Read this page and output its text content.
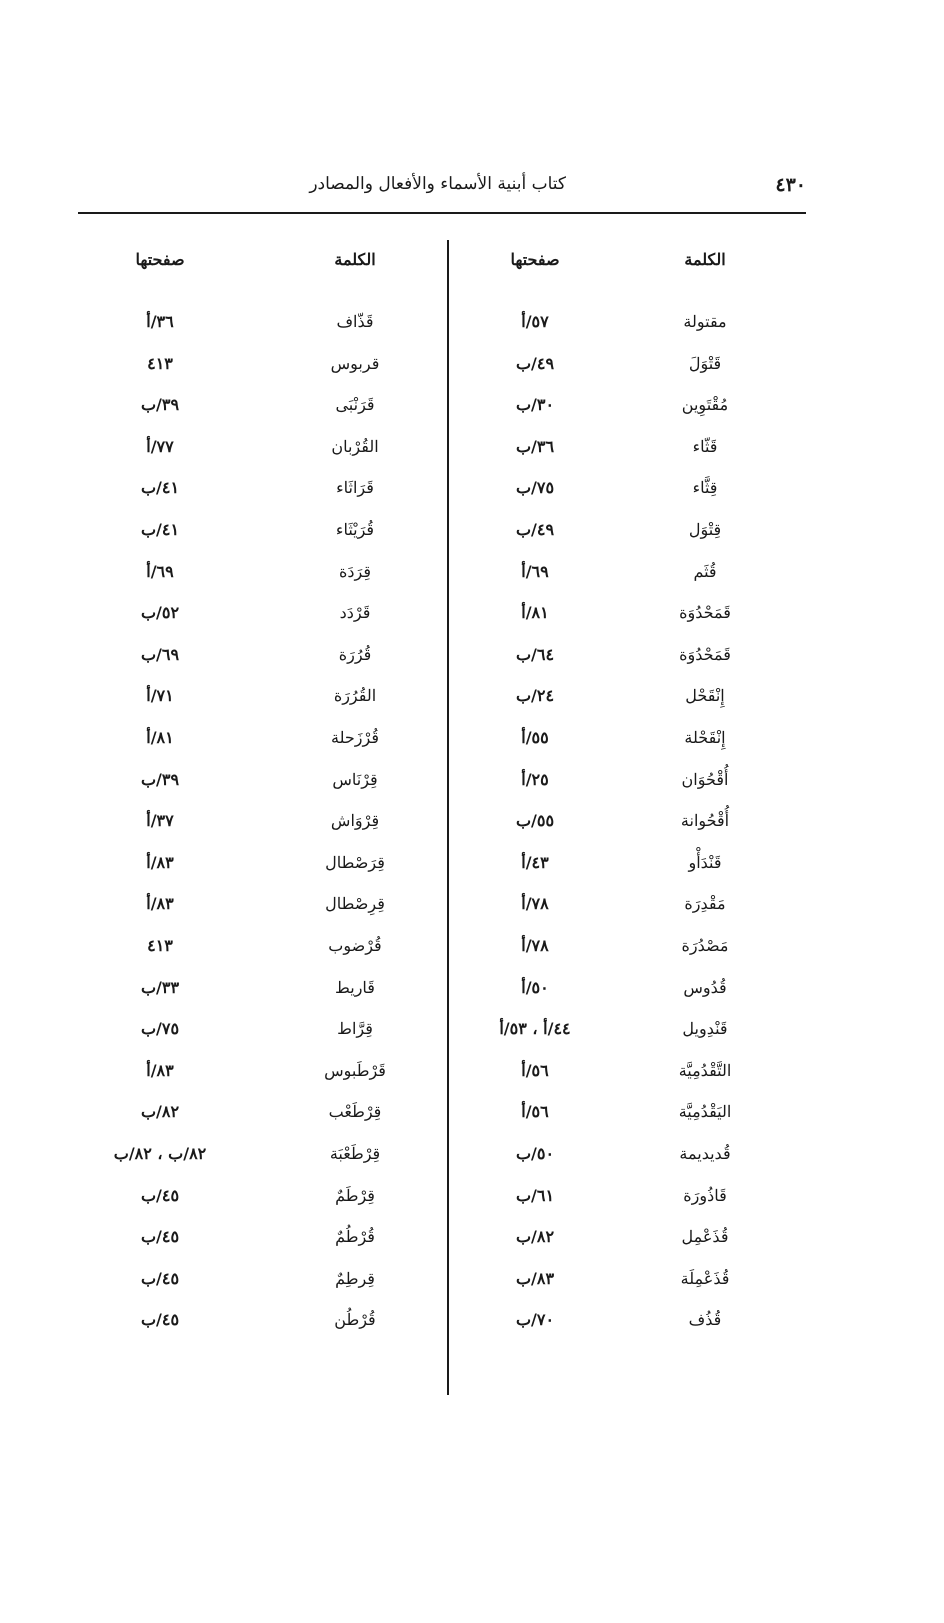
٤٣٠
كتاب أبنية الأسماء والأفعال والمصادر
الكلمة
مقتولة
قَتْوَلَ
مُقْتَوِين
قَثّاء
قِثَّاء
قِتْوَل
قُثَم
قَمَحْدُوَة
قَمَحْدُوَة
إِنْقَحْل
إِنْقَحْلة
أُقْحُوَان
أُقْحُوانة
قَنْدَأْو
مَقْدِرَة
مَصْدُرَة
قُدُوس
قَنْدِويل
التَّقْدُمِيَّة
اليَقْدُمِيَّة
قُديديمة
قَاذُورَة
قُذَعْمِل
قُذَعْمِلَة
قُذُف
صفحتها
٥٧/أ
٤٩/ب
٣٠/ب
٣٦/ب
٧٥/ب
٤٩/ب
٦٩/أ
٨١/أ
٦٤/ب
٢٤/ب
٥٥/أ
٢٥/أ
٥٥/ب
٤٣/أ
٧٨/أ
٧٨/أ
٥٠/أ
٤٤/أ ، ٥٣/أ
٥٦/أ
٥٦/أ
٥٠/ب
٦١/ب
٨٢/ب
٨٣/ب
٧٠/ب
الكلمة
قَذّاف
قربوس
قَرَنْبَى
القُرْبان
قَرَاثَاء
قُرَيْثَاء
قِرَدَة
قَرْدَد
قُرُرَة
القُرُرَة
قُرْزَحلة
قِرْنَاس
قِرْوَاش
قِرَصْطال
قِرِصْطال
قُرْضوب
قَاريط
قِرَّاط
قَرْطَبوس
قِرْطَعْب
قِرْطَعْبَة
قِرْطَمٌ
قُرْطُمٌ
قِرطِمٌ
قُرْطُن
صفحتها
٣٦/أ
٤١٣
٣٩/ب
٧٧/أ
٤١/ب
٤١/ب
٦٩/أ
٥٢/ب
٦٩/ب
٧١/أ
٨١/أ
٣٩/ب
٣٧/أ
٨٣/أ
٨٣/أ
٤١٣
٣٣/ب
٧٥/ب
٨٣/أ
٨٢/ب
٨٢/ب ، ٨٢/ب
٤٥/ب
٤٥/ب
٤٥/ب
٤٥/ب
